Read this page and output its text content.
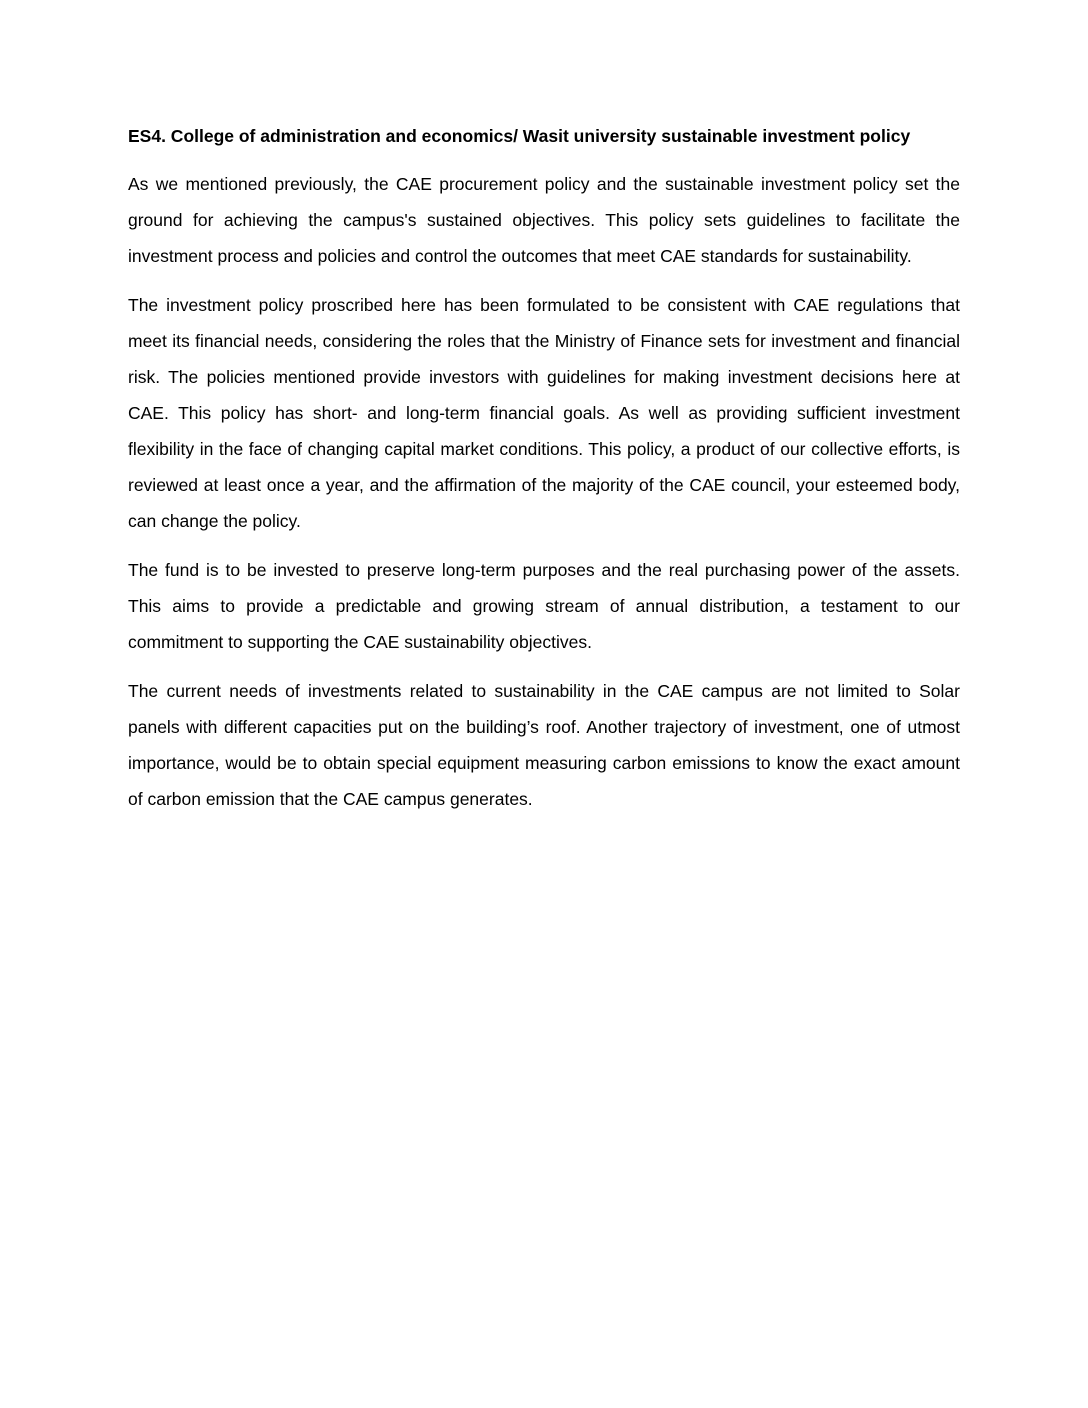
ES4. College of administration and economics/ Wasit university sustainable investment policy

As we mentioned previously, the CAE procurement policy and the sustainable investment policy set the ground for achieving the campus's sustained objectives. This policy sets guidelines to facilitate the investment process and policies and control the outcomes that meet CAE standards for sustainability.

The investment policy proscribed here has been formulated to be consistent with CAE regulations that meet its financial needs, considering the roles that the Ministry of Finance sets for investment and financial risk. The policies mentioned provide investors with guidelines for making investment decisions here at CAE. This policy has short- and long-term financial goals. As well as providing sufficient investment flexibility in the face of changing capital market conditions. This policy, a product of our collective efforts, is reviewed at least once a year, and the affirmation of the majority of the CAE council, your esteemed body, can change the policy.

The fund is to be invested to preserve long-term purposes and the real purchasing power of the assets. This aims to provide a predictable and growing stream of annual distribution, a testament to our commitment to supporting the CAE sustainability objectives.

The current needs of investments related to sustainability in the CAE campus are not limited to Solar panels with different capacities put on the building’s roof. Another trajectory of investment, one of utmost importance, would be to obtain special equipment measuring carbon emissions to know the exact amount of carbon emission that the CAE campus generates.
